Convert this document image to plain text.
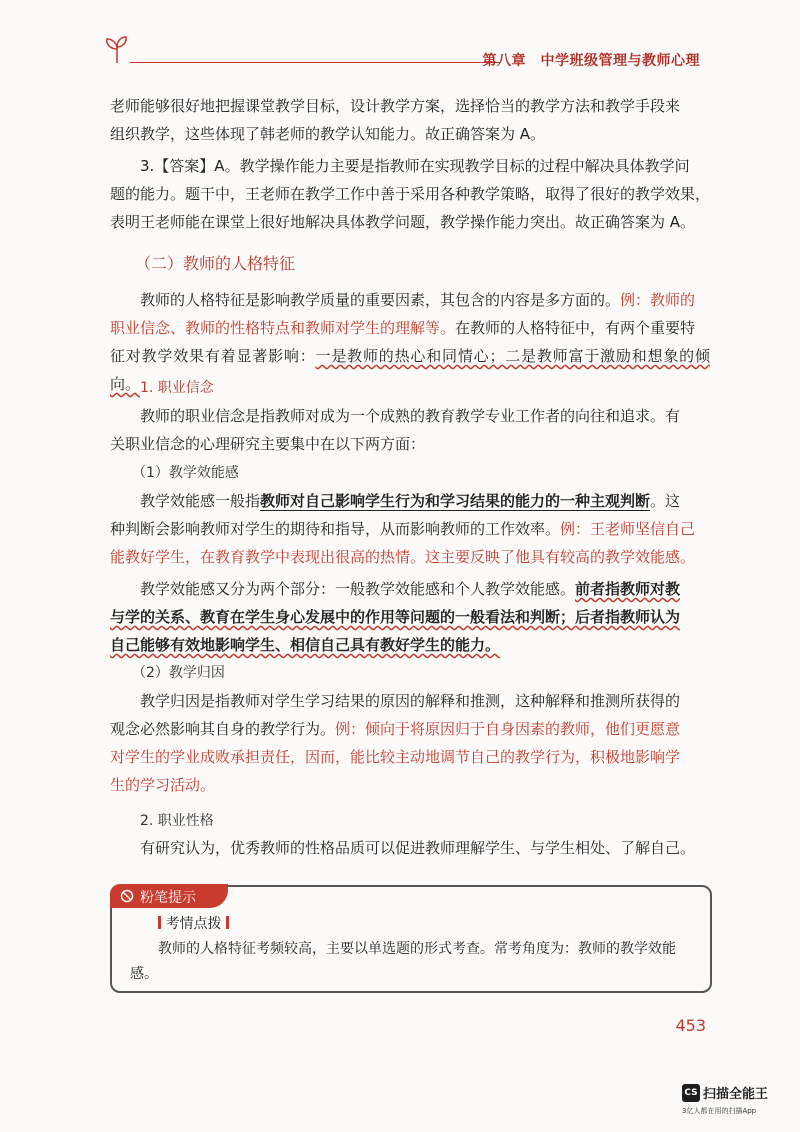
第八章　中学班级管理与教师心理

老师能够很好地把握课堂教学目标，设计教学方案，选择恰当的教学方法和教学手段来

组织教学，这些体现了韩老师的教学认知能力。故正确答案为 A。

3.【答案】A。教学操作能力主要是指教师在实现教学目标的过程中解决具体教学问

题的能力。题干中，王老师在教学工作中善于采用各种教学策略，取得了很好的教学效果，

表明王老师能在课堂上很好地解决具体教学问题，教学操作能力突出。故正确答案为 A。

（二）教师的人格特征

教师的人格特征是影响教学质量的重要因素，其包含的内容是多方面的。例：教师的

职业信念、教师的性格特点和教师对学生的理解等。在教师的人格特征中，有两个重要特

征对教学效果有着显著影响：一是教师的热心和同情心；二是教师富于激励和想象的倾向。 1. 职业信念

教师的职业信念是指教师对成为一个成熟的教育教学专业工作者的向往和追求。有

关职业信念的心理研究主要集中在以下两方面：

（1）教学效能感

教学效能感一般指教师对自己影响学生行为和学习结果的能力的一种主观判断。这

种判断会影响教师对学生的期待和指导，从而影响教师的工作效率。例：王老师坚信自己

能教好学生，在教育教学中表现出很高的热情。这主要反映了他具有较高的教学效能感。

教学效能感又分为两个部分：一般教学效能感和个人教学效能感。前者指教师对教

与学的关系、教育在学生身心发展中的作用等问题的一般看法和判断；后者指教师认为

自己能够有效地影响学生、相信自己具有教好学生的能力。

（2）教学归因

教学归因是指教师对学生学习结果的原因的解释和推测，这种解释和推测所获得的

观念必然影响其自身的教学行为。例：倾向于将原因归于自身因素的教师，他们更愿意

对学生的学业成败承担责任，因而，能比较主动地调节自己的教学行为，积极地影响学

生的学习活动。

2. 职业性格

有研究认为，优秀教师的性格品质可以促进教师理解学生、与学生相处、了解自己。

粉笔提示
考情点拨
教师的人格特征考频较高，主要以单选题的形式考查。常考角度为：教师的教学效能感。
453
CS 扫描全能王
3亿人都在用的扫描App
